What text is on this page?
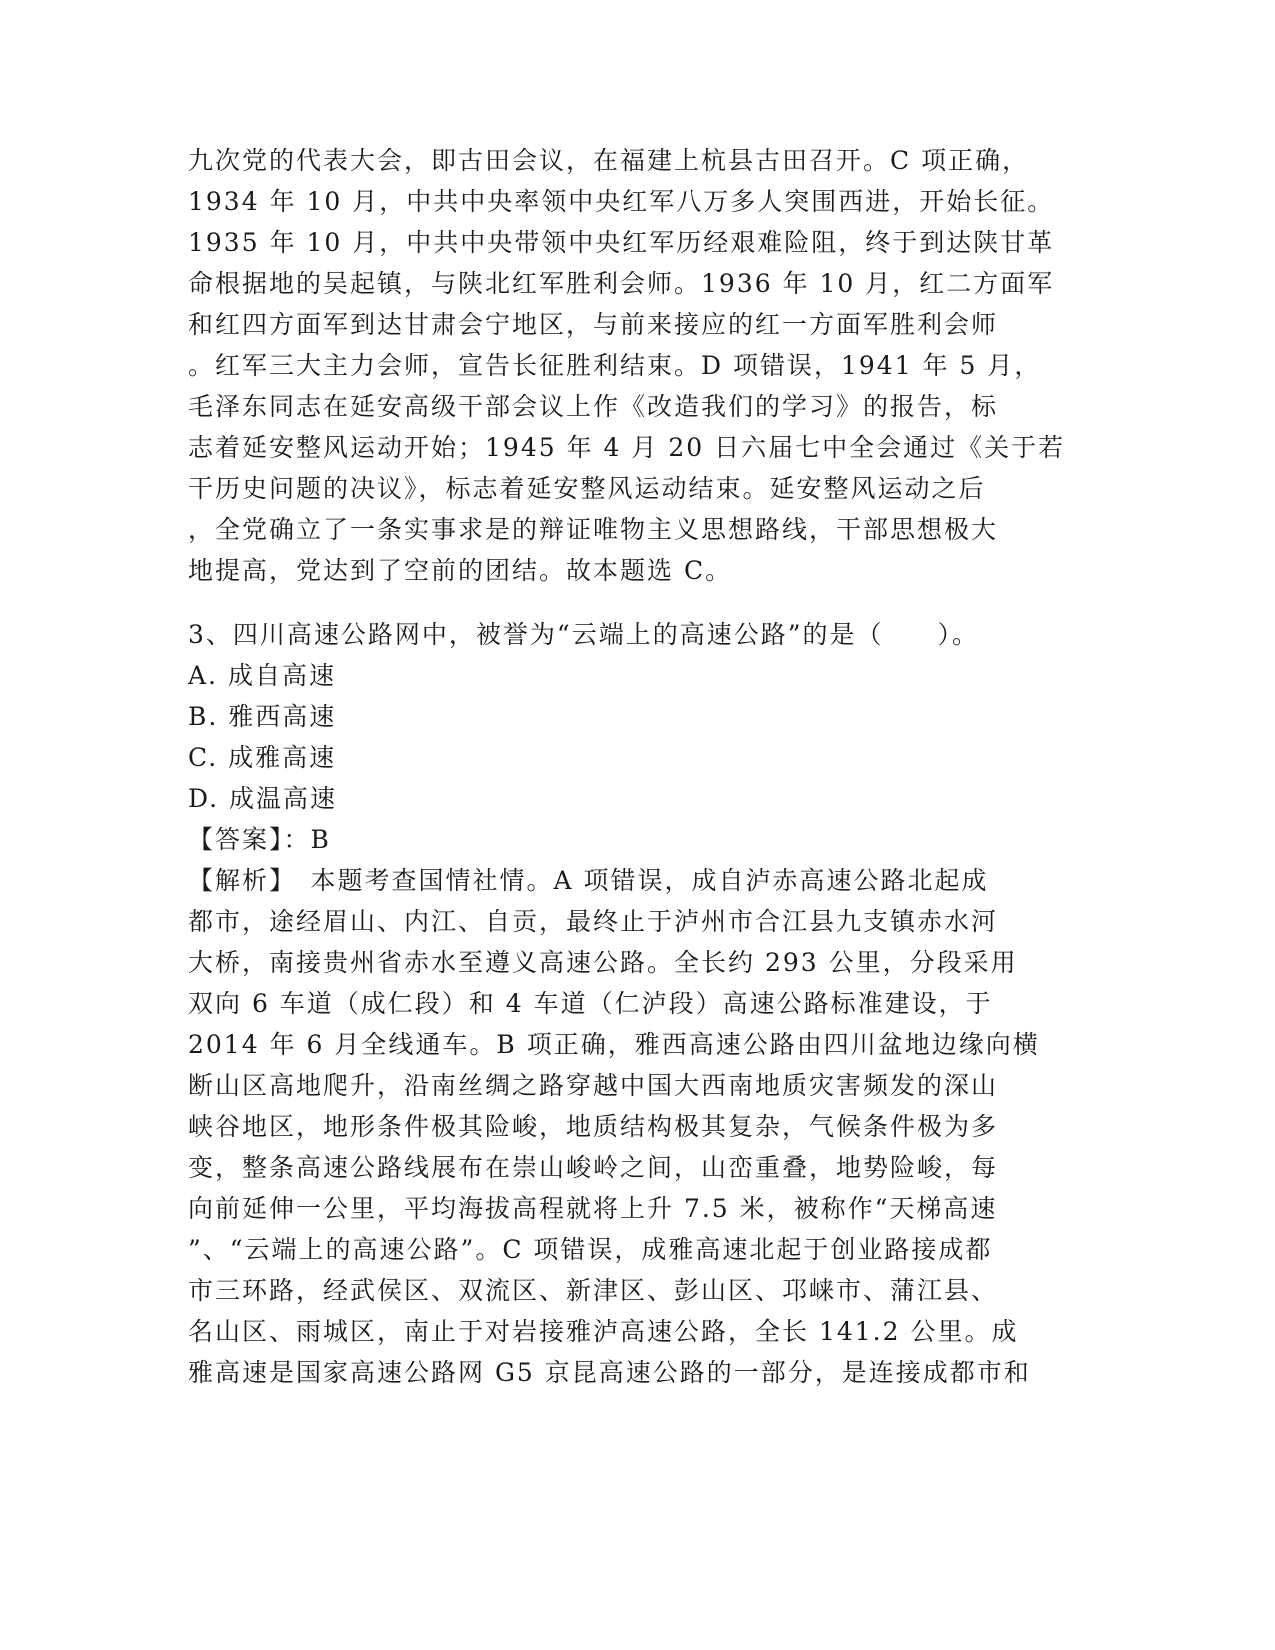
九次党的代表大会，即古田会议，在福建上杭县古田召开。C 项正确，
1934 年 10 月，中共中央率领中央红军八万多人突围西进，开始长征。
1935 年 10 月，中共中央带领中央红军历经艰难险阻，终于到达陕甘革
命根据地的吴起镇，与陕北红军胜利会师。1936 年 10 月，红二方面军
和红四方面军到达甘肃会宁地区，与前来接应的红一方面军胜利会师
。红军三大主力会师，宣告长征胜利结束。D 项错误，1941 年 5 月，
毛泽东同志在延安高级干部会议上作《改造我们的学习》的报告，标
志着延安整风运动开始；1945 年 4 月 20 日六届七中全会通过《关于若
干历史问题的决议》，标志着延安整风运动结束。延安整风运动之后
，全党确立了一条实事求是的辩证唯物主义思想路线，干部思想极大
地提高，党达到了空前的团结。故本题选 C。
3、四川高速公路网中，被誉为“云端上的高速公路”的是（　　）。
A. 成自高速
B. 雅西高速
C. 成雅高速
D. 成温高速
【答案】：B
【解析】　本题考查国情社情。A 项错误，成自泸赤高速公路北起成
都市，途经眉山、内江、自贡，最终止于泸州市合江县九支镇赤水河
大桥，南接贵州省赤水至遵义高速公路。全长约 293 公里，分段采用
双向 6 车道（成仁段）和 4 车道（仁泸段）高速公路标准建设，于
2014 年 6 月全线通车。B 项正确，雅西高速公路由四川盆地边缘向横
断山区高地爬升，沿南丝绸之路穿越中国大西南地质灾害频发的深山
峡谷地区，地形条件极其险峻，地质结构极其复杂，气候条件极为多
变，整条高速公路线展布在崇山峻岭之间，山峦重叠，地势险峻，每
向前延伸一公里，平均海拔高程就将上升 7.5 米，被称作“天梯高速
”、“云端上的高速公路”。C 项错误，成雅高速北起于创业路接成都
市三环路，经武侯区、双流区、新津区、彭山区、邛崃市、蒲江县、
名山区、雨城区，南止于对岩接雅泸高速公路，全长 141.2 公里。成
雅高速是国家高速公路网 G5 京昆高速公路的一部分，是连接成都市和
